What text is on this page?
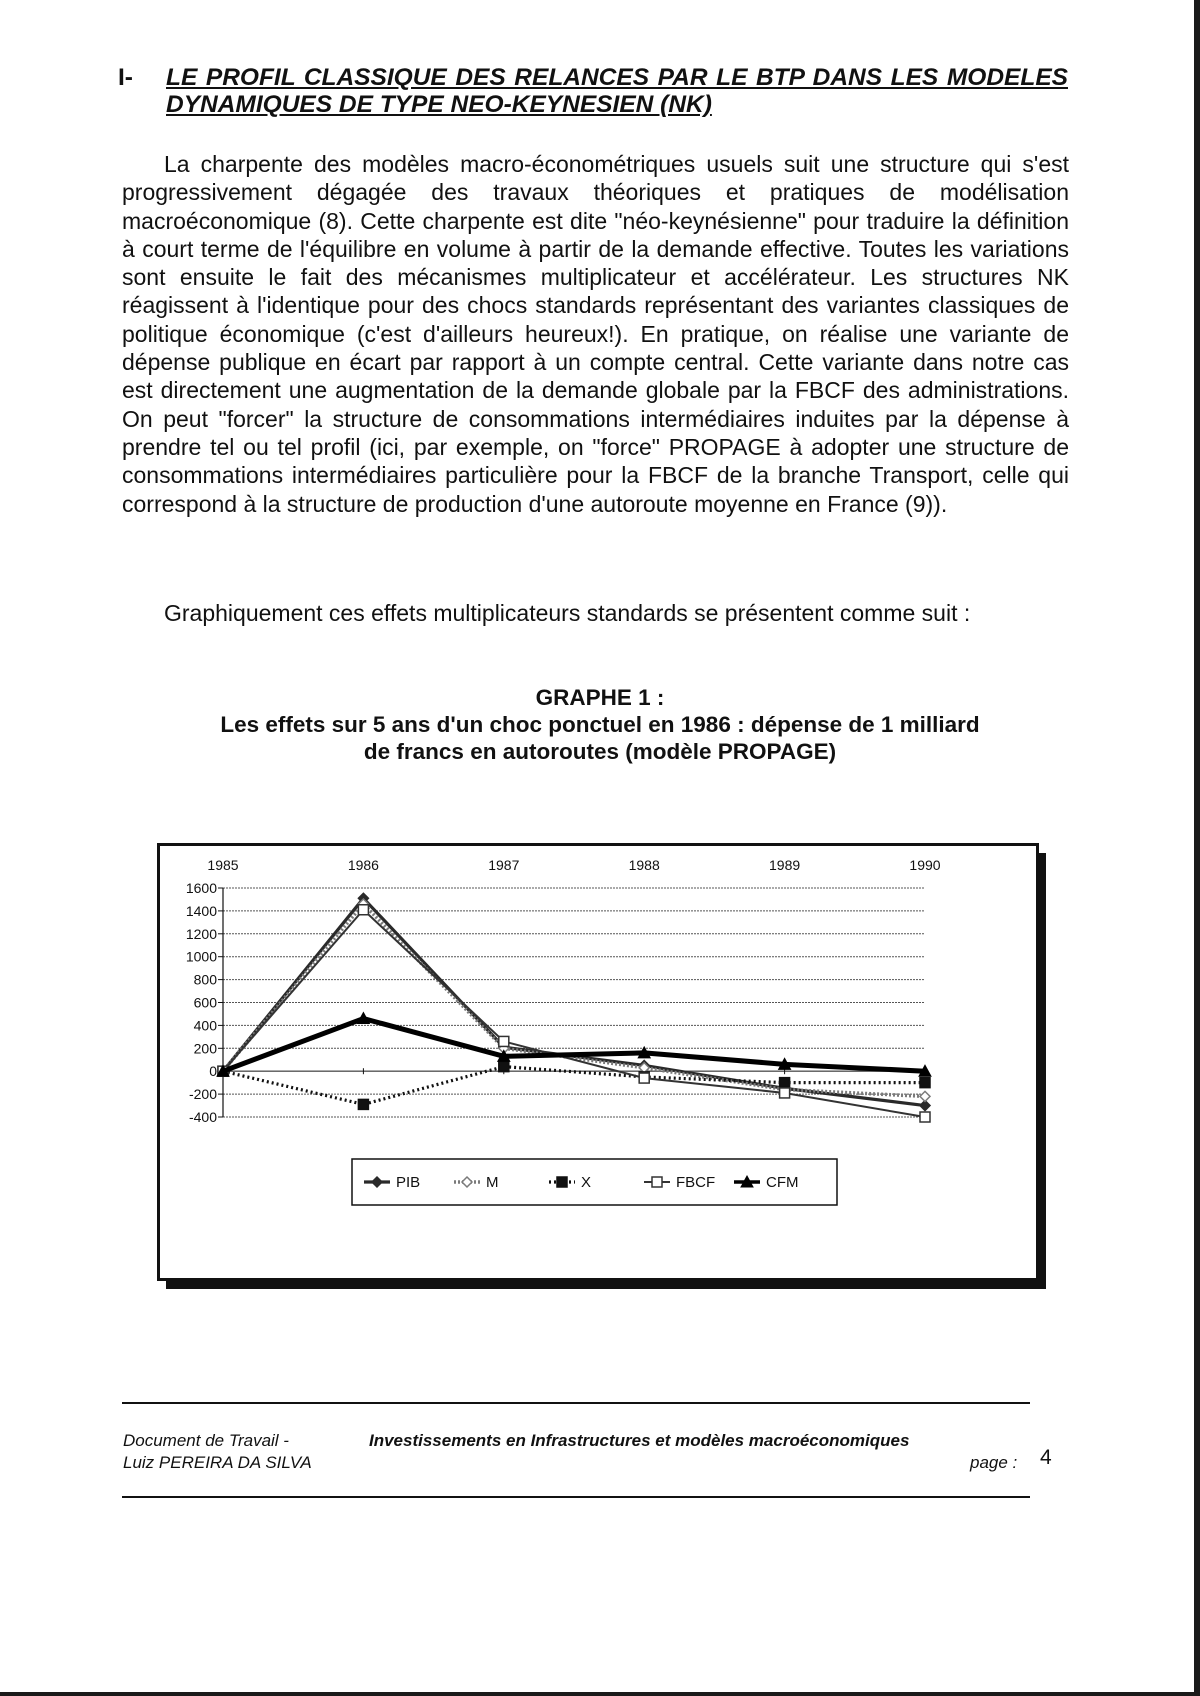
I- LE PROFIL CLASSIQUE DES RELANCES PAR LE BTP DANS LES MODELES DYNAMIQUES DE TYPE NEO-KEYNESIEN (NK)

La charpente des modèles macro-économétriques usuels suit une structure qui s'est progressivement dégagée des travaux théoriques et pratiques de modélisation macroéconomique (8). Cette charpente est dite "néo-keynésienne" pour traduire la définition à court terme de l'équilibre en volume à partir de la demande effective. Toutes les variations sont ensuite le fait des mécanismes multiplicateur et accélérateur. Les structures NK réagissent à l'identique pour des chocs standards représentant des variantes classiques de politique économique (c'est d'ailleurs heureux!). En pratique, on réalise une variante de dépense publique en écart par rapport à un compte central. Cette variante dans notre cas est directement une augmentation de la demande globale par la FBCF des administrations. On peut "forcer" la structure de consommations intermédiaires induites par la dépense à prendre tel ou tel profil (ici, par exemple, on "force" PROPAGE à adopter une structure de consommations intermédiaires particulière pour la FBCF de la branche Transport, celle qui correspond à la structure de production d'une autoroute moyenne en France (9)).

Graphiquement ces effets multiplicateurs standards se présentent comme suit :

GRAPHE 1 :
Les effets sur 5 ans d'un choc ponctuel en 1986 : dépense de 1 milliard
de francs en autoroutes (modèle PROPAGE)
1600
1400
1200
1000
800
600
400
200
0
-200
-400
1985	1986	1987	1988	1989	1990
PIB	M	X	FBCF	CFM
Document de Travail -
Luiz PEREIRA DA SILVA
Investissements en Infrastructures et modèles macroéconomiques
page : 4
